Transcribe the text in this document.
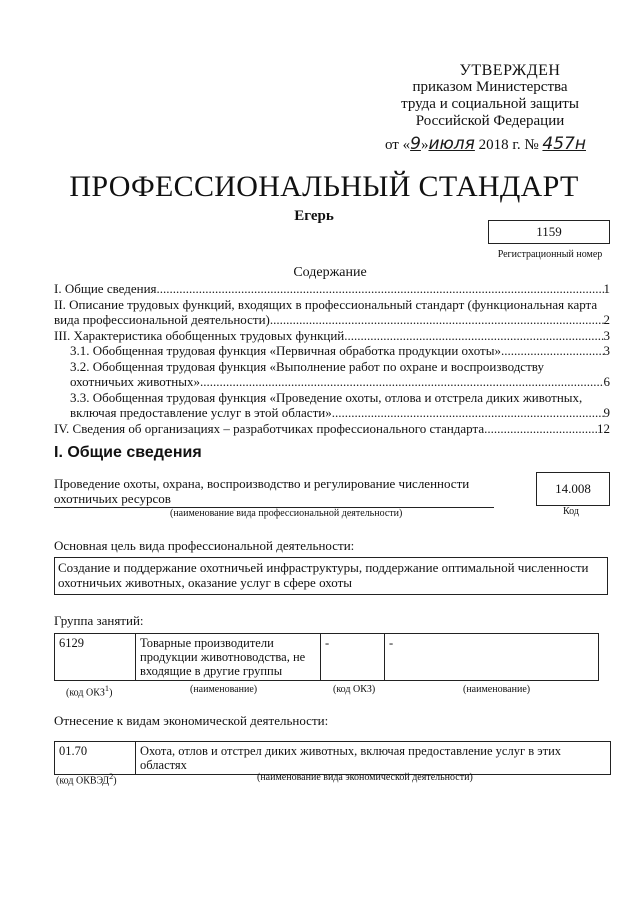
УТВЕРЖДЕН
приказом Министерства
труда и социальной защиты
Российской Федерации
от «9»июля 2018 г. № 457н
ПРОФЕССИОНАЛЬНЫЙ СТАНДАРТ
Егерь
1159
Регистрационный номер
Содержание
I. Общие сведения .....	1
II. Описание трудовых функций, входящих в профессиональный стандарт (функциональная карта
вида профессиональной деятельности) .....	2
III. Характеристика обобщенных трудовых функций .....	3
3.1. Обобщенная трудовая функция «Первичная обработка продукции охоты» .....	3
3.2. Обобщенная трудовая функция «Выполнение работ по охране и воспроизводству
охотничьих животных» .....	6
3.3. Обобщенная трудовая функция «Проведение охоты, отлова и отстрела диких животных,
включая предоставление услуг в этой области» .....	9
IV. Сведения об организациях – разработчиках профессионального стандарта .....	12
I. Общие сведения
Проведение охоты, охрана, воспроизводство и регулирование численности охотничьих ресурсов
14.008
(наименование вида профессиональной деятельности)	Код
Основная цель вида профессиональной деятельности:
Создание и поддержание охотничьей инфраструктуры, поддержание оптимальной численности охотничьих животных, оказание услуг в сфере охоты
Группа занятий:
6129	Товарные производители продукции животноводства, не входящие в другие группы	-	-
(код ОКЗ$^1$)	(наименование)	(код ОКЗ)	(наименование)
Отнесение к видам экономической деятельности:
01.70	Охота, отлов и отстрел диких животных, включая предоставление услуг в этих областях
(код ОКВЭД$^2$)	(наименование вида экономической деятельности)
